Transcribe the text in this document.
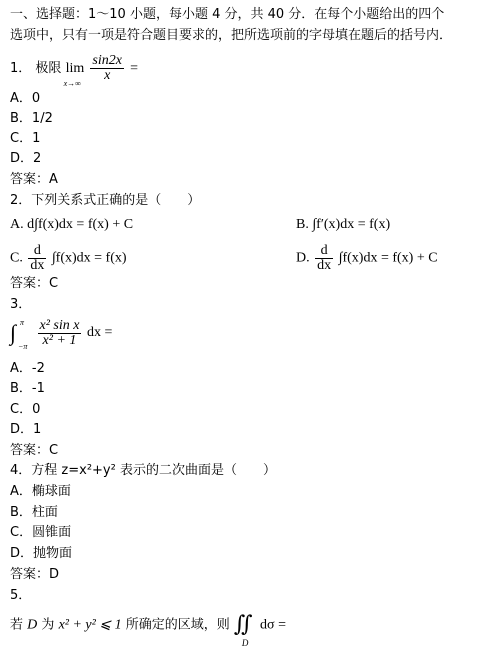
一、选择题：1～10 小题，每小题 4 分，共 40 分．在每个小题给出的四个
选项中，只有一项是符合题目要求的，把所选项前的字母填在题后的括号内．
1． 极限 lim
x→∞

$\frac{\sin 2x}{x}$ =
A．0
B．1/2
C．1
D．2
答案：A
2．下列关系式正确的是（　　）
A. d∫f(x)dx = f(x) + C	B. ∫f′(x)dx = f(x)
C. $\frac{d}{dx} \int f(x)dx = f(x)$	D. $\frac{d}{dx} \int f(x)dx = f(x) + C$
答案：C
3．
∫ π
−π
$\frac{\text{x² sin x}}{\text{x² + 1}}$ dx =
A．-2
B．-1
C．0
D．1
答案：C
4．方程 z=x²+y² 表示的二次曲面是（　　）
A．椭球面
B．柱面
C．圆锥面
D．抛物面
答案：D
5．
若 D 为 x² + y² ⩽ 1 所确定的区域，则 ∬
D
dσ =
